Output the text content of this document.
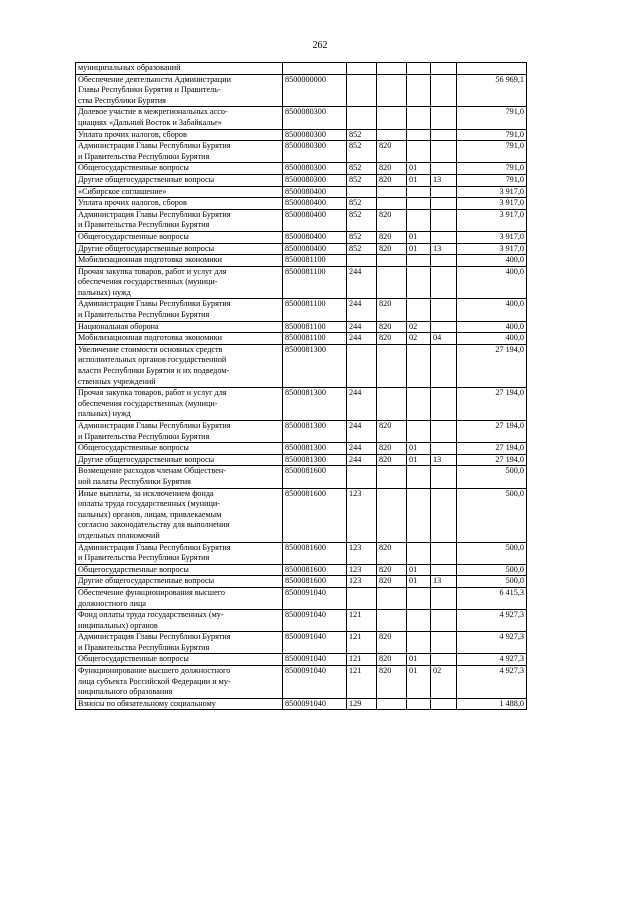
262
муниципальных образований						

Обеспечение деятельности Администрации
Главы Республики Бурятия и Правитель-
ства Республики Бурятия	8500000000					56 969,1

Долевое участие в межрегиональных ассо-
циациях «Дальний Восток и Забайкалье»	8500080300					791,0

Уплата прочих налогов, сборов	8500080300	852				791,0

Администрация Главы Республики Бурятия
и Правительства Республики Бурятия	8500080300	852	820			791,0

Общегосударственные вопросы	8500080300	852	820	01		791,0

Другие общегосударственные вопросы	8500080300	852	820	01	13	791,0

«Сибирское соглашение»	8500080400					3 917,0

Уплата прочих налогов, сборов	8500080400	852				3 917,0

Администрация Главы Республики Бурятия
и Правительства Республики Бурятия	8500080400	852	820			3 917,0

Общегосударственные вопросы	8500080400	852	820	01		3 917,0

Другие общегосударственные вопросы	8500080400	852	820	01	13	3 917,0

Мобилизационная подготовка экономики	8500081100					400,0

Прочая закупка товаров, работ и услуг для
обеспечения государственных (муници-
пальных) нужд	8500081100	244				400,0

Администрация Главы Республики Бурятия
и Правительства Республики Бурятия	8500081100	244	820			400,0

Национальная оборона	8500081100	244	820	02		400,0

Мобилизационная подготовка экономики	8500081100	244	820	02	04	400,0

Увеличение стоимости основных средств
исполнительных органов государственной
власти Республики Бурятия и их подведом-
ственных учреждений	8500081300					27 194,0

Прочая закупка товаров, работ и услуг для
обеспечения государственных (муници-
пальных) нужд	8500081300	244				27 194,0

Администрация Главы Республики Бурятия
и Правительства Республики Бурятия	8500081300	244	820			27 194,0

Общегосударственные вопросы	8500081300	244	820	01		27 194,0

Другие общегосударственные вопросы	8500081300	244	820	01	13	27 194,0

Возмещение расходов членам Обществен-
ной палаты Республики Бурятия	8500081600					500,0

Иные выплаты, за исключением фонда
оплаты труда государственных (муници-
пальных) органов, лицам, привлекаемым
согласно законодательству для выполнения
отдельных полномочий	8500081600	123				500,0

Администрация Главы Республики Бурятия
и Правительства Республики Бурятия	8500081600	123	820			500,0

Общегосударственные вопросы	8500081600	123	820	01		500,0

Другие общегосударственные вопросы	8500081600	123	820	01	13	500,0

Обеспечение функционирования высшего
должностного лица	8500091040					6 415,3

Фонд оплаты труда государственных (му-
ниципальных) органов	8500091040	121				4 927,3

Администрация Главы Республики Бурятия
и Правительства Республики Бурятия	8500091040	121	820			4 927,3

Общегосударственные вопросы	8500091040	121	820	01		4 927,3

Функционирование высшего должностного
лица субъекта Российской Федерации и му-
ниципального образования	8500091040	121	820	01	02	4 927,3

Взносы по обязательному социальному	8500091040	129				1 488,0
